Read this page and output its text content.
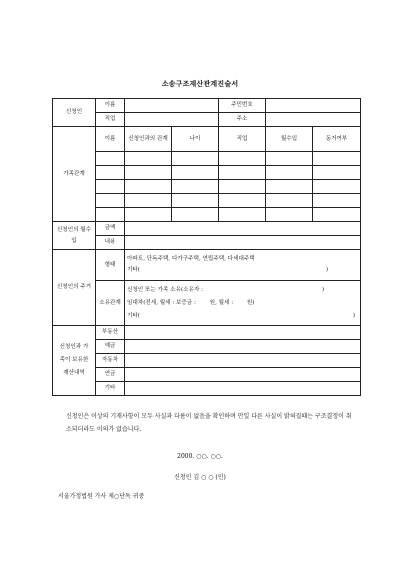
소송구조재산관계진술서
신청인	이름			주민번호		
	직업			주소		
가족관계	이름	신청인과의 관계	나이	직업	월수입	동거여부

신청인의 월수입	금액					
	내용					
신청인의 주거	형태	아파트, 단독주택, 다가구주택, 연립주택, 다세대주택
기타( )				

	소유관계	신청인 또는 가족 소유(소유자 : )
임대차(전세, 월세 : 보증금 : 원, 월세 : 원)
기타( )				

신청인과 가족이 보유한 재산내역	부동산					
	예금					
	자동차					
	연금					
	기타					
신청인은 이상의 기재사항이 모두 사실과 다름이 없음을 확인하며 만일 다른 사실이 밝혀질때는 구조결정이 취소되더라도 이의가 없습니다.
2000. ○○. ○○.
신청인 김 ○ ○ (인)
서울가정법원 가사 제○단독 귀중
